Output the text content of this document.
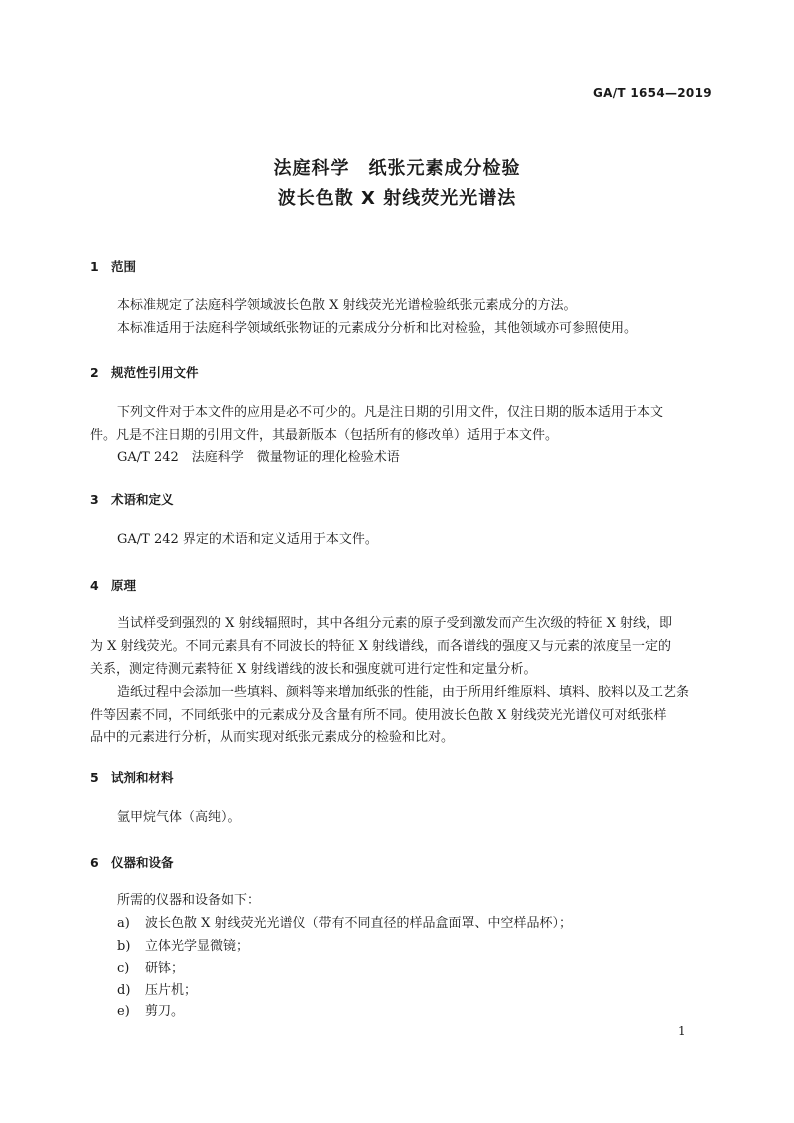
GA/T 1654—2019
法庭科学　纸张元素成分检验
波长色散 X 射线荧光光谱法
1 范围
本标准规定了法庭科学领域波长色散 X 射线荧光光谱检验纸张元素成分的方法。
本标准适用于法庭科学领域纸张物证的元素成分分析和比对检验，其他领域亦可参照使用。
2 规范性引用文件
下列文件对于本文件的应用是必不可少的。凡是注日期的引用文件，仅注日期的版本适用于本文
件。凡是不注日期的引用文件，其最新版本（包括所有的修改单）适用于本文件。
GA/T 242　法庭科学　微量物证的理化检验术语
3 术语和定义
GA/T 242 界定的术语和定义适用于本文件。
4 原理
当试样受到强烈的 X 射线辐照时，其中各组分元素的原子受到激发而产生次级的特征 X 射线，即
为 X 射线荧光。不同元素具有不同波长的特征 X 射线谱线，而各谱线的强度又与元素的浓度呈一定的
关系，测定待测元素特征 X 射线谱线的波长和强度就可进行定性和定量分析。
造纸过程中会添加一些填料、颜料等来增加纸张的性能，由于所用纤维原料、填料、胶料以及工艺条
件等因素不同，不同纸张中的元素成分及含量有所不同。使用波长色散 X 射线荧光光谱仪可对纸张样
品中的元素进行分析，从而实现对纸张元素成分的检验和比对。
5 试剂和材料
氩甲烷气体（高纯）。
6 仪器和设备
所需的仪器和设备如下：
a) 波长色散 X 射线荧光光谱仪（带有不同直径的样品盒面罩、中空样品杯）；
b) 立体光学显微镜；
c) 研钵；
d) 压片机；
e) 剪刀。
1
